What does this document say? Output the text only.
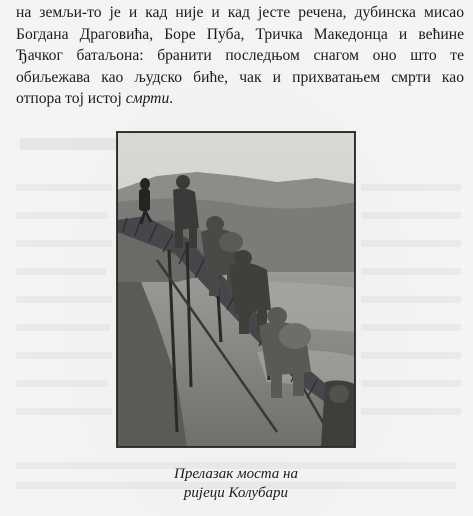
на земљи-то је и кад није и кад јесте речена, дубинска мисао
Богдана Драговића, Боре Пуба, Тричка Македонца и већине
Ђачког батаљона: бранити последњом снагом оно што те
обиљежава као људско биће, чак и прихватањем смрти као
отпора тој истој смрти.

Прелазак моста на
ријеци Колубари
